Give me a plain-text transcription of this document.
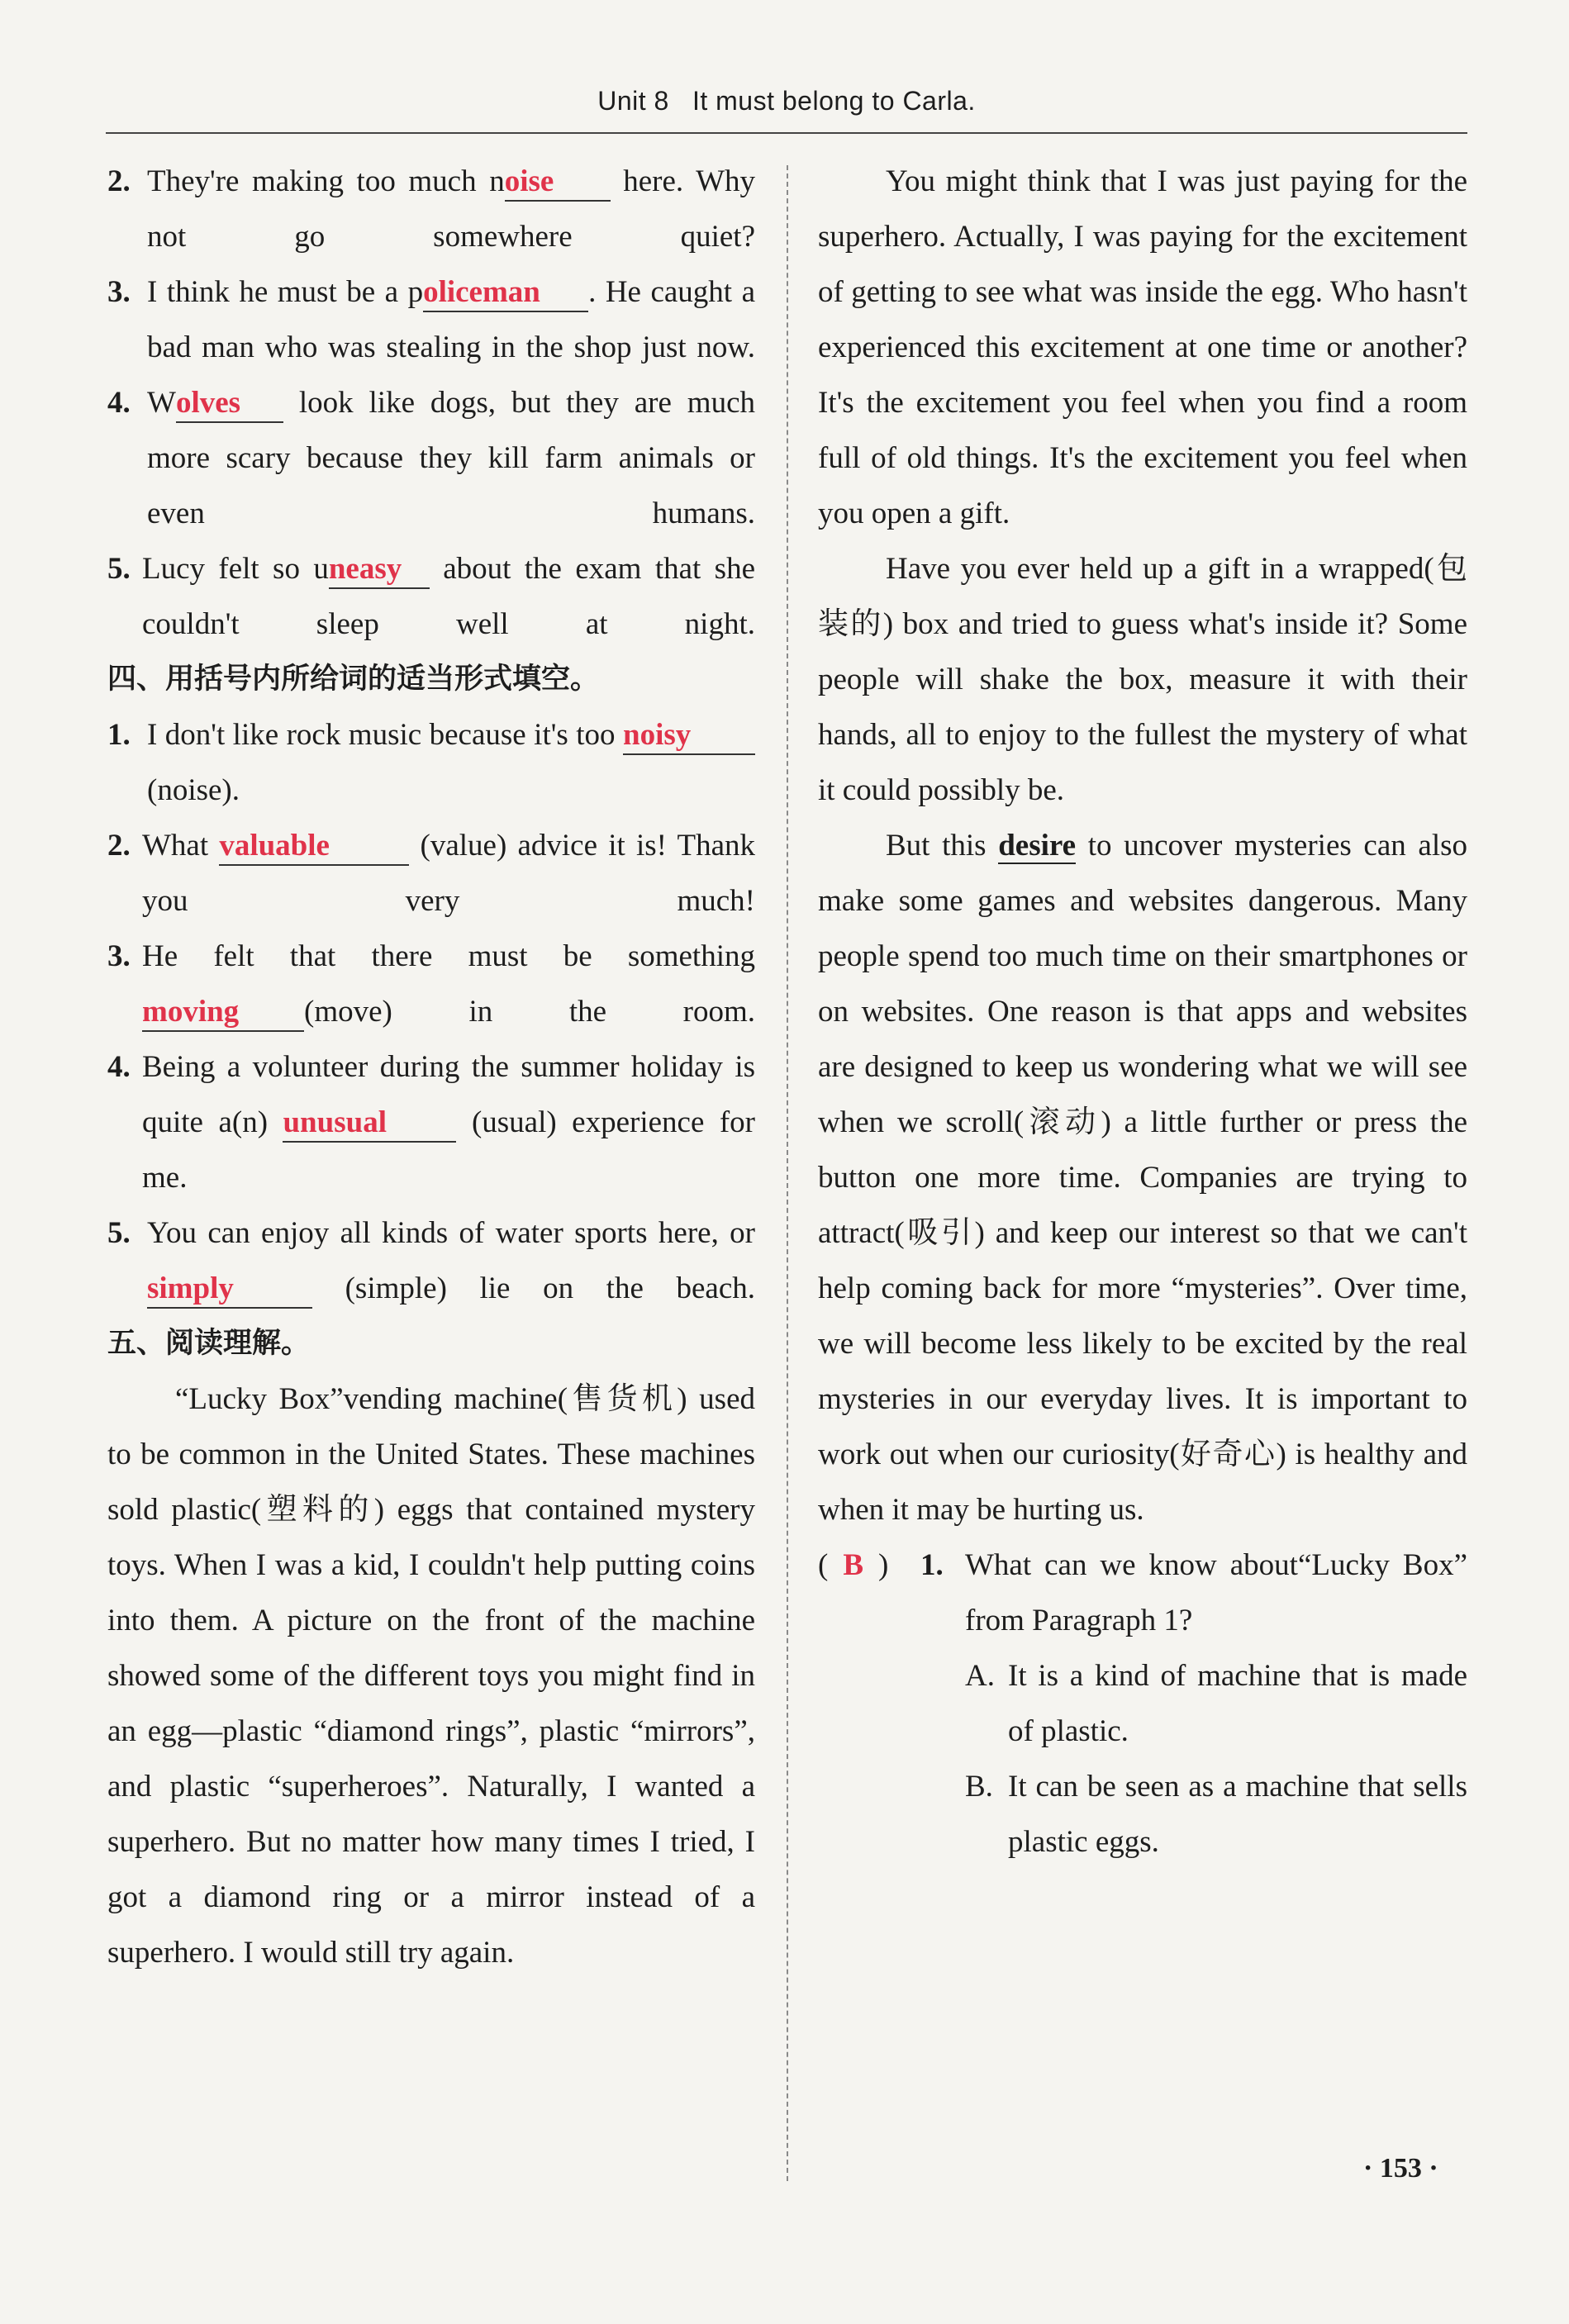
Unit 8 It must belong to Carla.
2. They're making too much noise here. Why not go somewhere quiet?
3. I think he must be a policeman . He caught a bad man who was stealing in the shop just now.
4. Wolves look like dogs, but they are much more scary because they kill farm animals or even humans.
5. Lucy felt so uneasy about the exam that she couldn't sleep well at night.
四、用括号内所给词的适当形式填空。
1. I don't like rock music because it's too noisy(noise).
2. What valuable	(value) advice it is! Thank you very much!
3. He felt that there must be something moving (move) in the room.
4. Being a volunteer during the summer holiday is quite a(n) unusual (usual) experience for me.
5. You can enjoy all kinds of water sports here, or simply	(simple) lie on the beach.
五、阅读理解。
“Lucky Box”vending machine(售货机) used to be common in the United States. These machines sold plastic(塑料的) eggs that contained mystery toys. When I was a kid, I couldn't help putting coins into them. A picture on the front of the machine showed some of the different toys you might find in an egg—plastic “diamond rings”, plastic “mirrors”, and plastic “superheroes”. Naturally, I wanted a superhero. But no matter how many times I tried, I got a diamond ring or a mirror instead of a superhero. I would still try again.
You might think that I was just paying for the superhero. Actually, I was paying for the excitement of getting to see what was inside the egg. Who hasn't experienced this excitement at one time or another? It's the excitement you feel when you find a room full of old things. It's the excitement you feel when you open a gift.
Have you ever held up a gift in a wrapped(包装的) box and tried to guess what's inside it? Some people will shake the box, measure it with their hands, all to enjoy to the fullest the mystery of what it could possibly be.
But this desire to uncover mysteries can also make some games and websites dangerous. Many people spend too much time on their smartphones or on websites. One reason is that apps and websites are designed to keep us wondering what we will see when we scroll(滚动) a little further or press the button one more time. Companies are trying to attract(吸引) and keep our interest so that we can't help coming back for more “mysteries”. Over time, we will become less likely to be excited by the real mysteries in our everyday lives. It is important to work out when our curiosity(好奇心) is healthy and when it may be hurting us.
( B ) 1. What can we know about“Lucky Box” from Paragraph 1?
A. It is a kind of machine that is made of plastic.
B. It can be seen as a machine that sells plastic eggs.
· 153 ·
